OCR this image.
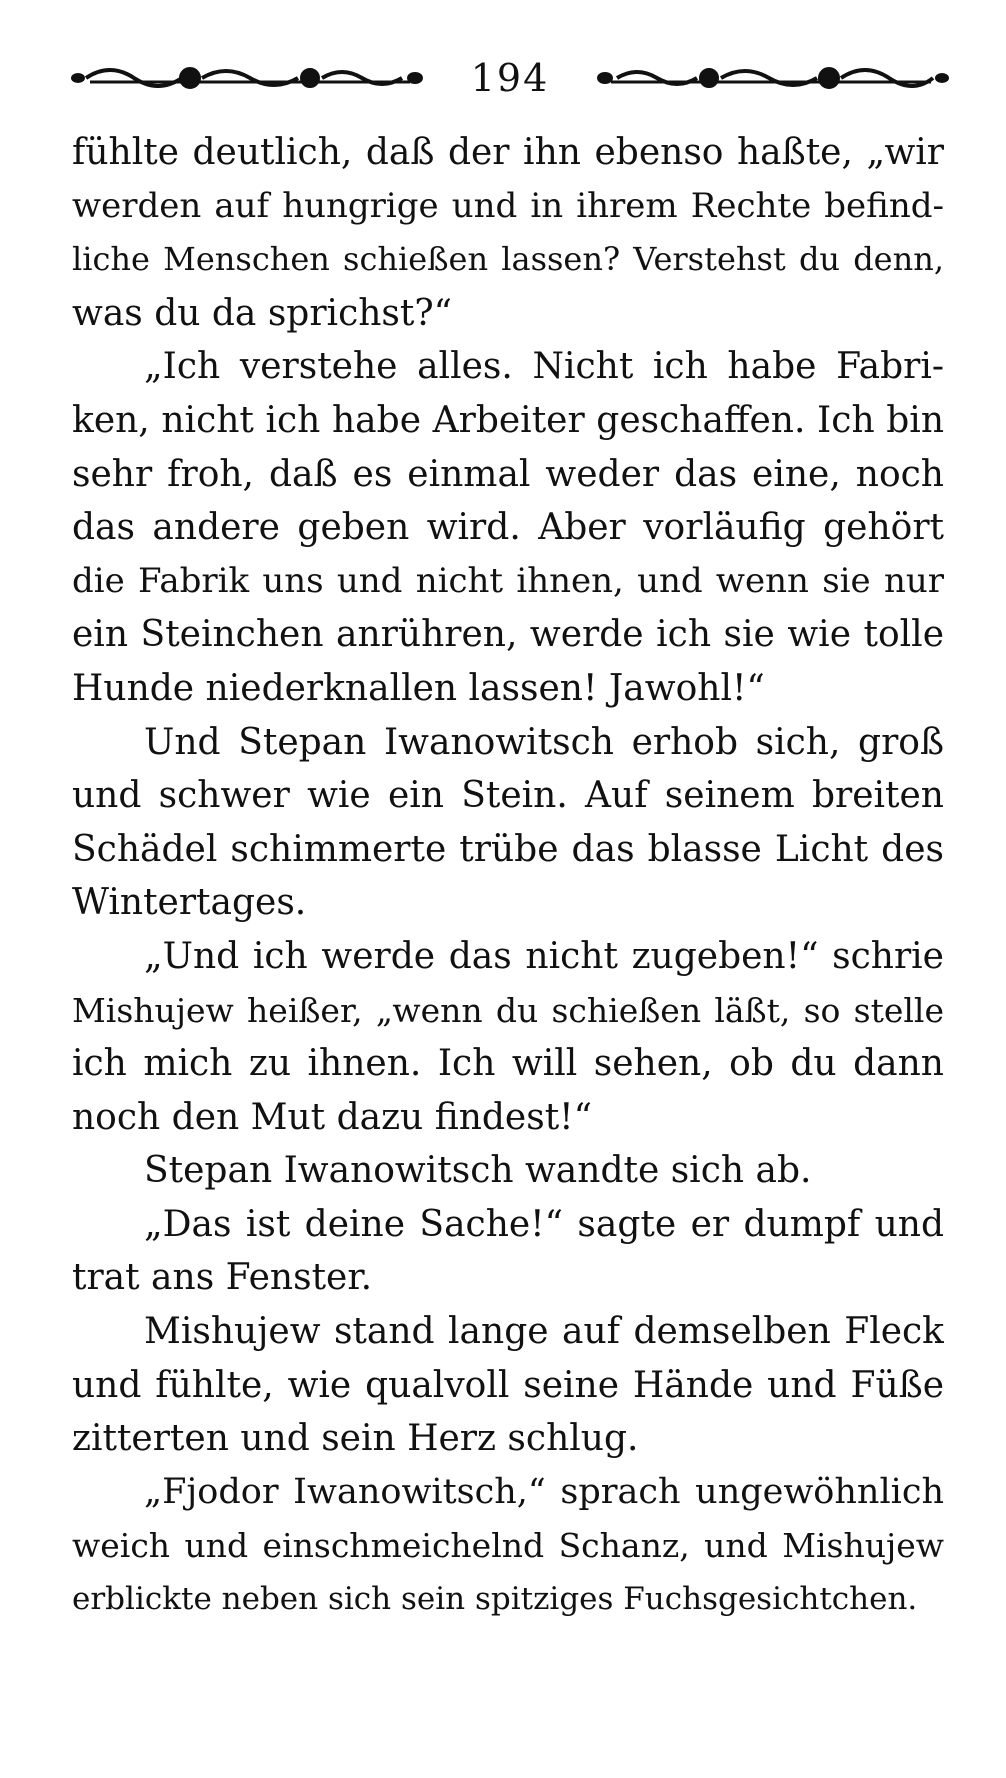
194
fühlte deutlich, daß der ihn ebenso haßte, „wir
werden auf hungrige und in ihrem Rechte befind-
liche Menschen schießen lassen? Verstehst du denn,
was du da sprichst?“
„Ich verstehe alles. Nicht ich habe Fabri-
ken, nicht ich habe Arbeiter geschaffen. Ich bin
sehr froh, daß es einmal weder das eine, noch
das andere geben wird. Aber vorläufig gehört
die Fabrik uns und nicht ihnen, und wenn sie nur
ein Steinchen anrühren, werde ich sie wie tolle
Hunde niederknallen lassen! Jawohl!“
Und Stepan Iwanowitsch erhob sich, groß
und schwer wie ein Stein. Auf seinem breiten
Schädel schimmerte trübe das blasse Licht des
Wintertages.
„Und ich werde das nicht zugeben!“ schrie
Mishujew heißer, „wenn du schießen läßt, so stelle
ich mich zu ihnen. Ich will sehen, ob du dann
noch den Mut dazu findest!“
Stepan Iwanowitsch wandte sich ab.
„Das ist deine Sache!“ sagte er dumpf und
trat ans Fenster.
Mishujew stand lange auf demselben Fleck
und fühlte, wie qualvoll seine Hände und Füße
zitterten und sein Herz schlug.
„Fjodor Iwanowitsch,“ sprach ungewöhnlich
weich und einschmeichelnd Schanz, und Mishujew
erblickte neben sich sein spitziges Fuchsgesichtchen.
